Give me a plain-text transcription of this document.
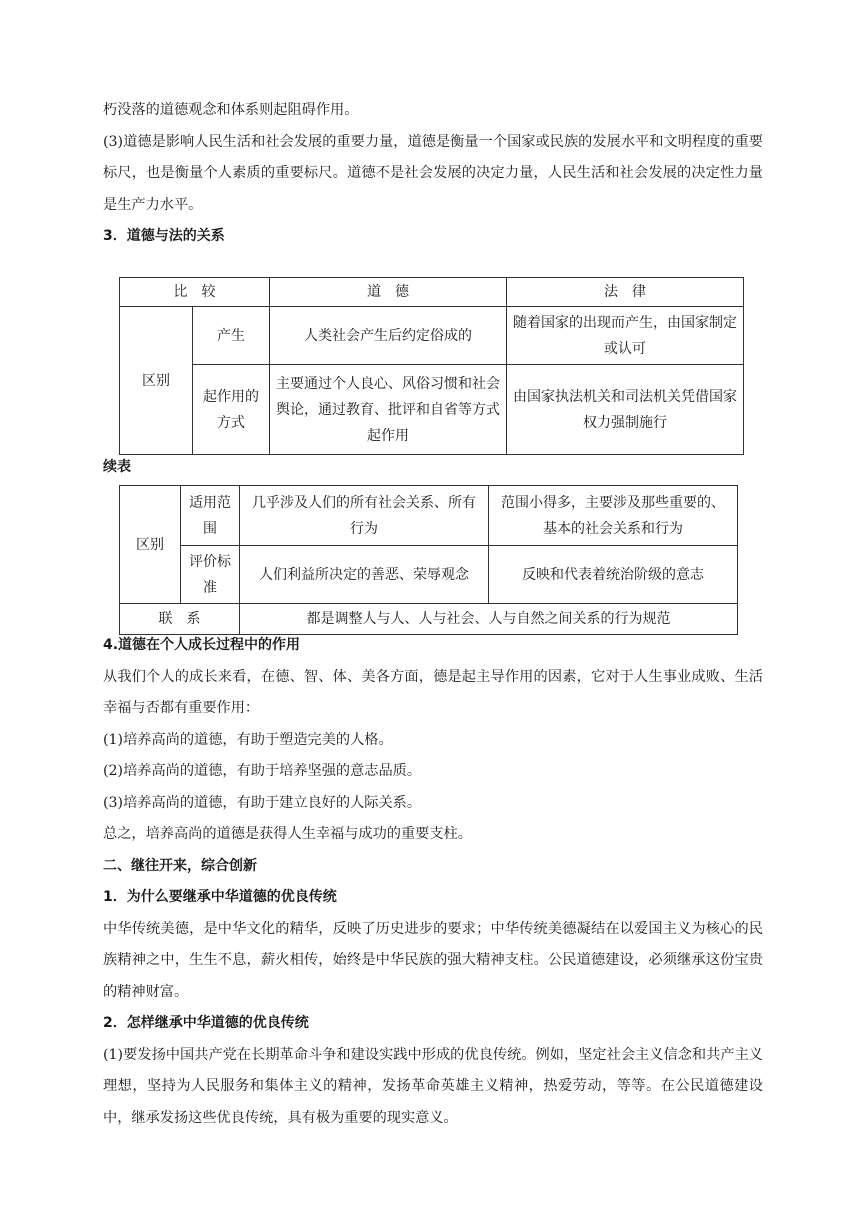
朽没落的道德观念和体系则起阻碍作用。

(3)道德是影响人民生活和社会发展的重要力量，道德是衡量一个国家或民族的发展水平和文明程度的重要标尺，也是衡量个人素质的重要标尺。道德不是社会发展的决定力量，人民生活和社会发展的决定性力量是生产力水平。

3．道德与法的关系

比　较		道　德	法　律
区别	产生	人类社会产生后约定俗成的	随着国家的出现而产生，由国家制定或认可
	起作用的方式	主要通过个人良心、风俗习惯和社会舆论，通过教育、批评和自省等方式起作用	由国家执法机关和司法机关凭借国家权力强制施行
续表
区别	适用范围	几乎涉及人们的所有社会关系、所有行为	范围小得多，主要涉及那些重要的、基本的社会关系和行为
	评价标准	人们利益所决定的善恶、荣辱观念	反映和代表着统治阶级的意志
联　系		都是调整人与人、人与社会、人与自然之间关系的行为规范	

4.道德在个人成长过程中的作用

从我们个人的成长来看，在德、智、体、美各方面，德是起主导作用的因素，它对于人生事业成败、生活幸福与否都有重要作用：

(1)培养高尚的道德，有助于塑造完美的人格。

(2)培养高尚的道德，有助于培养坚强的意志品质。

(3)培养高尚的道德，有助于建立良好的人际关系。

总之，培养高尚的道德是获得人生幸福与成功的重要支柱。

二、继往开来，综合创新

1．为什么要继承中华道德的优良传统

中华传统美德，是中华文化的精华，反映了历史进步的要求；中华传统美德凝结在以爱国主义为核心的民族精神之中，生生不息，薪火相传，始终是中华民族的强大精神支柱。公民道德建设，必须继承这份宝贵的精神财富。

2．怎样继承中华道德的优良传统

(1)要发扬中国共产党在长期革命斗争和建设实践中形成的优良传统。例如，坚定社会主义信念和共产主义理想，坚持为人民服务和集体主义的精神，发扬革命英雄主义精神，热爱劳动，等等。在公民道德建设中，继承发扬这些优良传统，具有极为重要的现实意义。
